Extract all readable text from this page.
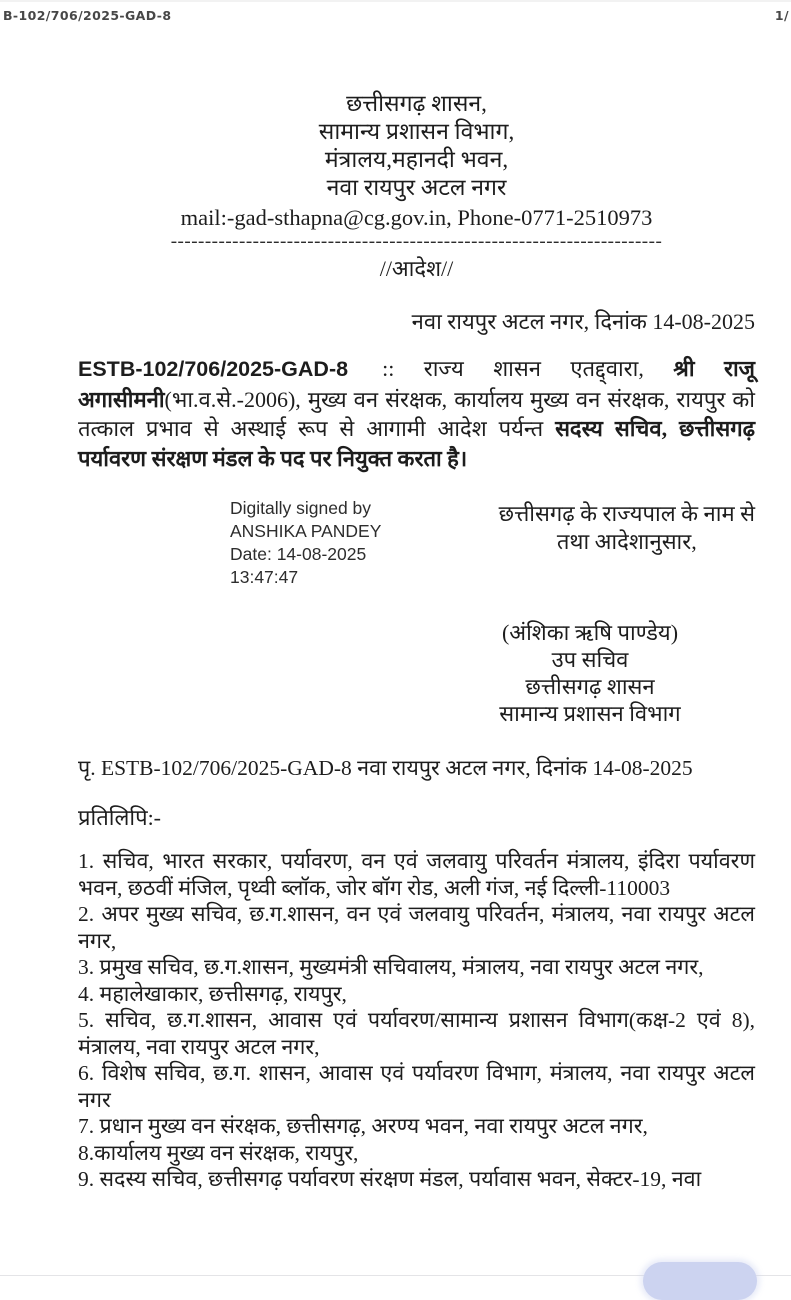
B-102/706/2025-GAD-8	1/
छत्तीसगढ़ शासन,
सामान्य प्रशासन विभाग,
मंत्रालय,महानदी भवन,
नवा रायपुर अटल नगर
mail:-gad-sthapna@cg.gov.in, Phone-0771-2510973
------------------------------------------------------------------------
//आदेश//
नवा रायपुर अटल नगर, दिनांक 14-08-2025

ESTB-102/706/2025-GAD-8 :: राज्य शासन एतद्द्वारा, श्री राजू अगासीमनी(भा.व.से.-2006), मुख्य वन संरक्षक, कार्यालय मुख्य वन संरक्षक, रायपुर को तत्काल प्रभाव से अस्थाई रूप से आगामी आदेश पर्यन्त सदस्य सचिव, छत्तीसगढ़ पर्यावरण संरक्षण मंडल के पद पर नियुक्त करता है।

Digitally signed by
ANSHIKA PANDEY
Date: 14-08-2025
13:47:47
छत्तीसगढ़ के राज्यपाल के नाम से
तथा आदेशानुसार,
(अंशिका ऋषि पाण्डेय)
उप सचिव
छत्तीसगढ़ शासन
सामान्य प्रशासन विभाग
पृ. ESTB-102/706/2025-GAD-8 नवा रायपुर अटल नगर, दिनांक 14-08-2025
प्रतिलिपि:-

1. सचिव, भारत सरकार, पर्यावरण, वन एवं जलवायु परिवर्तन मंत्रालय, इंदिरा पर्यावरण भवन, छठवीं मंजिल, पृथ्वी ब्लॉक, जोर बॉग रोड, अली गंज, नई दिल्ली-110003

2. अपर मुख्य सचिव, छ.ग.शासन, वन एवं जलवायु परिवर्तन, मंत्रालय, नवा रायपुर अटल नगर,

3. प्रमुख सचिव, छ.ग.शासन, मुख्यमंत्री सचिवालय, मंत्रालय, नवा रायपुर अटल नगर,

4. महालेखाकार, छत्तीसगढ़, रायपुर,

5. सचिव, छ.ग.शासन, आवास एवं पर्यावरण/सामान्य प्रशासन विभाग(कक्ष-2 एवं 8), मंत्रालय, नवा रायपुर अटल नगर,

6. विशेष सचिव, छ.ग. शासन, आवास एवं पर्यावरण विभाग, मंत्रालय, नवा रायपुर अटल नगर

7. प्रधान मुख्य वन संरक्षक, छत्तीसगढ़, अरण्य भवन, नवा रायपुर अटल नगर,

8.कार्यालय मुख्य वन संरक्षक, रायपुर,

9. सदस्य सचिव, छत्तीसगढ़ पर्यावरण संरक्षण मंडल, पर्यावास भवन, सेक्टर-19, नवा
